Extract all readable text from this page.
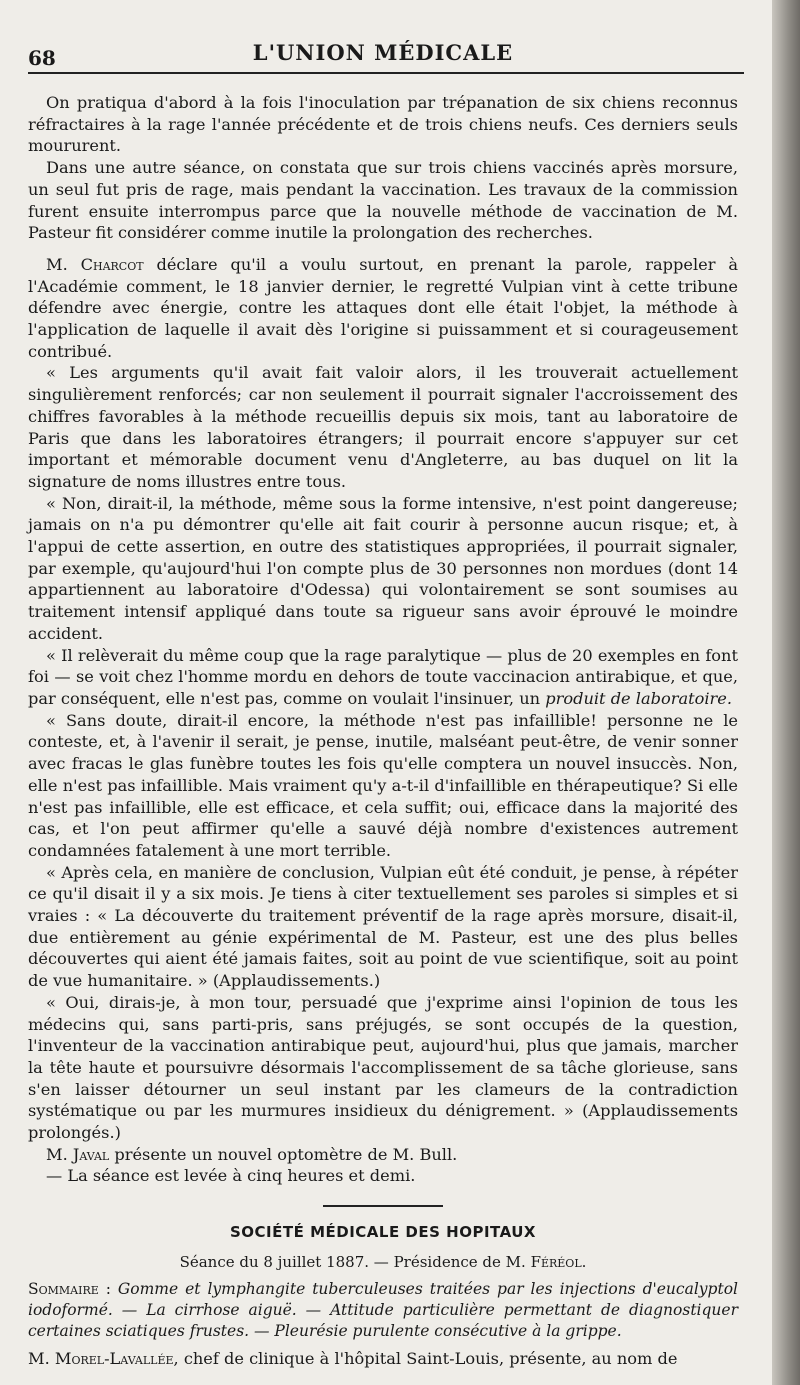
68	L'UNION MÉDICALE

On pratiqua d'abord à la fois l'inoculation par trépanation de six chiens reconnus réfractaires à la rage l'année précédente et de trois chiens neufs. Ces derniers seuls moururent.

Dans une autre séance, on constata que sur trois chiens vaccinés après morsure, un seul fut pris de rage, mais pendant la vaccination. Les travaux de la commission furent ensuite interrompus parce que la nouvelle méthode de vaccination de M. Pasteur fit considérer comme inutile la prolongation des recherches.

M. Charcot déclare qu'il a voulu surtout, en prenant la parole, rappeler à l'Académie comment, le 18 janvier dernier, le regretté Vulpian vint à cette tribune défendre avec énergie, contre les attaques dont elle était l'objet, la méthode à l'application de laquelle il avait dès l'origine si puissamment et si courageusement contribué.

« Les arguments qu'il avait fait valoir alors, il les trouverait actuellement singulièrement renforcés; car non seulement il pourrait signaler l'accroissement des chiffres favorables à la méthode recueillis depuis six mois, tant au laboratoire de Paris que dans les laboratoires étrangers; il pourrait encore s'appuyer sur cet important et mémorable document venu d'Angleterre, au bas duquel on lit la signature de noms illustres entre tous.

« Non, dirait-il, la méthode, même sous la forme intensive, n'est point dangereuse; jamais on n'a pu démontrer qu'elle ait fait courir à personne aucun risque; et, à l'appui de cette assertion, en outre des statistiques appropriées, il pourrait signaler, par exemple, qu'aujourd'hui l'on compte plus de 30 personnes non mordues (dont 14 appartiennent au laboratoire d'Odessa) qui volontairement se sont soumises au traitement intensif appliqué dans toute sa rigueur sans avoir éprouvé le moindre accident.

« Il relèverait du même coup que la rage paralytique — plus de 20 exemples en font foi — se voit chez l'homme mordu en dehors de toute vaccinacion antirabique, et que, par conséquent, elle n'est pas, comme on voulait l'insinuer, un produit de laboratoire.

« Sans doute, dirait-il encore, la méthode n'est pas infaillible! personne ne le conteste, et, à l'avenir il serait, je pense, inutile, malséant peut-être, de venir sonner avec fracas le glas funèbre toutes les fois qu'elle comptera un nouvel insuccès. Non, elle n'est pas infaillible. Mais vraiment qu'y a-t-il d'infaillible en thérapeutique? Si elle n'est pas infaillible, elle est efficace, et cela suffit; oui, efficace dans la majorité des cas, et l'on peut affirmer qu'elle a sauvé déjà nombre d'existences autrement condamnées fatalement à une mort terrible.

« Après cela, en manière de conclusion, Vulpian eût été conduit, je pense, à répéter ce qu'il disait il y a six mois. Je tiens à citer textuellement ses paroles si simples et si vraies : « La découverte du traitement préventif de la rage après morsure, disait-il, due entièrement au génie expérimental de M. Pasteur, est une des plus belles découvertes qui aient été jamais faites, soit au point de vue scientifique, soit au point de vue humanitaire. » (Applaudissements.)

« Oui, dirais-je, à mon tour, persuadé que j'exprime ainsi l'opinion de tous les médecins qui, sans parti-pris, sans préjugés, se sont occupés de la question, l'inventeur de la vaccination antirabique peut, aujourd'hui, plus que jamais, marcher la tête haute et poursuivre désormais l'accomplissement de sa tâche glorieuse, sans s'en laisser détourner un seul instant par les clameurs de la contradiction systématique ou par les murmures insidieux du dénigrement. » (Applaudissements prolongés.)

M. Javal présente un nouvel optomètre de M. Bull.

— La séance est levée à cinq heures et demi.

SOCIÉTÉ MÉDICALE DES HOPITAUX
Séance du 8 juillet 1887. — Présidence de M. Féréol.

Sommaire : Gomme et lymphangite tuberculeuses traitées par les injections d'eucalyptol iodoformé. — La cirrhose aiguë. — Attitude particulière permettant de diagnostiquer certaines sciatiques frustes. — Pleurésie purulente consécutive à la grippe.

M. Morel-Lavallée, chef de clinique à l'hôpital Saint-Louis, présente, au nom de
